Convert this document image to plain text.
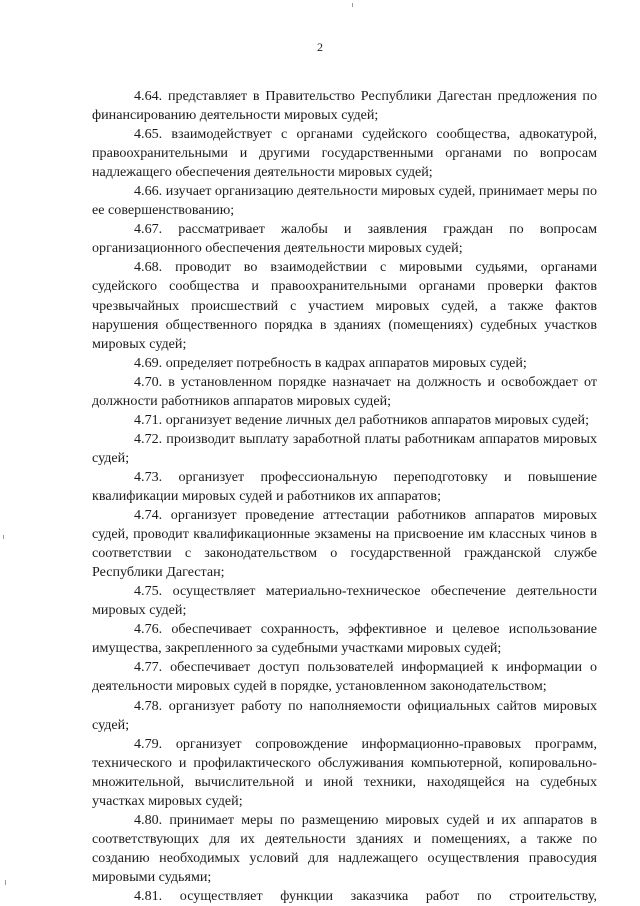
2

4.64. представляет в Правительство Республики Дагестан предложения по финансированию деятельности мировых судей;

4.65. взаимодействует с органами судейского сообщества, адвокатурой, правоохранительными и другими государственными органами по вопросам надлежащего обеспечения деятельности мировых судей;

4.66. изучает организацию деятельности мировых судей, принимает меры по ее совершенствованию;

4.67. рассматривает жалобы и заявления граждан по вопросам организационного обеспечения деятельности мировых судей;

4.68. проводит во взаимодействии с мировыми судьями, органами судейского сообщества и правоохранительными органами проверки фактов чрезвычайных происшествий с участием мировых судей, а также фактов нарушения общественного порядка в зданиях (помещениях) судебных участков мировых судей;

4.69. определяет потребность в кадрах аппаратов мировых судей;

4.70. в установленном порядке назначает на должность и освобождает от должности работников аппаратов мировых судей;

4.71. организует ведение личных дел работников аппаратов мировых судей;

4.72. производит выплату заработной платы работникам аппаратов мировых судей;

4.73. организует профессиональную переподготовку и повышение квалификации мировых судей и работников их аппаратов;

4.74. организует проведение аттестации работников аппаратов мировых судей, проводит квалификационные экзамены на присвоение им классных чинов в соответствии с законодательством о государственной гражданской службе Республики Дагестан;

4.75. осуществляет материально-техническое обеспечение деятельности мировых судей;

4.76. обеспечивает сохранность, эффективное и целевое использование имущества, закрепленного за судебными участками мировых судей;

4.77. обеспечивает доступ пользователей информацией к информации о деятельности мировых судей в порядке, установленном законодательством;

4.78. организует работу по наполняемости официальных сайтов мировых судей;

4.79. организует сопровождение информационно-правовых программ, технического и профилактического обслуживания компьютерной, копировально-множительной, вычислительной и иной техники, находящейся на судебных участках мировых судей;

4.80. принимает меры по размещению мировых судей и их аппаратов в соответствующих для их деятельности зданиях и помещениях, а также по созданию необходимых условий для надлежащего осуществления правосудия мировыми судьями;

4.81. осуществляет функции заказчика работ по строительству,
